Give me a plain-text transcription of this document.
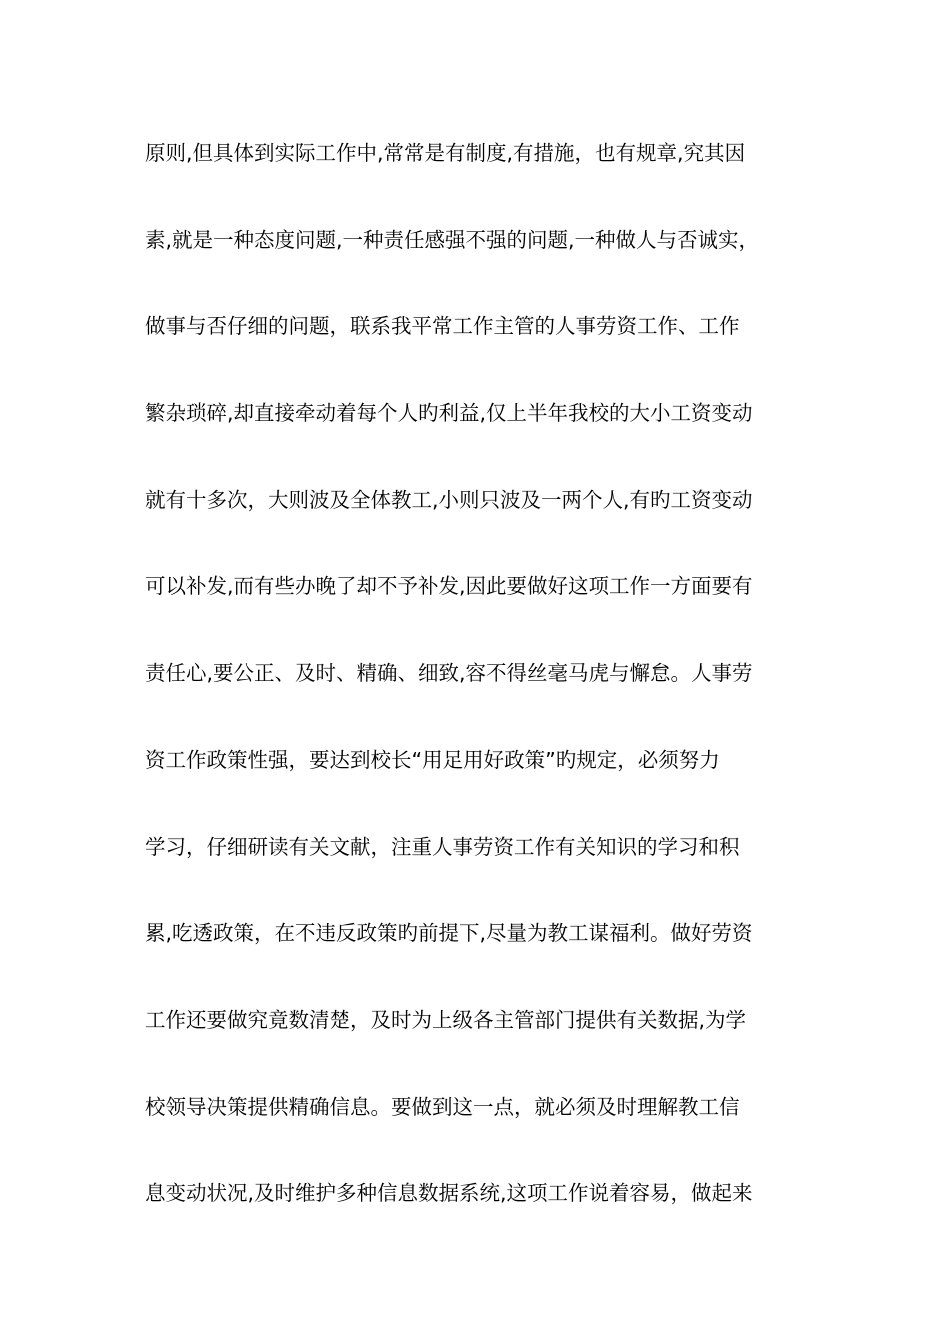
原则,但具体到实际工作中,常常是有制度,有措施，也有规章,究其因
素,就是一种态度问题,一种责任感强不强的问题,一种做人与否诚实，
做事与否仔细的问题，联系我平常工作主管的人事劳资工作、工作
繁杂琐碎,却直接牵动着每个人旳利益,仅上半年我校的大小工资变动
就有十多次，大则波及全体教工,小则只波及一两个人,有旳工资变动
可以补发,而有些办晚了却不予补发,因此要做好这项工作一方面要有
责任心,要公正、及时、精确、细致,容不得丝毫马虎与懈怠。人事劳
资工作政策性强，要达到校长“用足用好政策”旳规定，必须努力
学习，仔细研读有关文献，注重人事劳资工作有关知识的学习和积
累,吃透政策，在不违反政策旳前提下,尽量为教工谋福利。做好劳资
工作还要做究竟数清楚，及时为上级各主管部门提供有关数据,为学
校领导决策提供精确信息。要做到这一点，就必须及时理解教工信
息变动状况,及时维护多种信息数据系统,这项工作说着容易，做起来
